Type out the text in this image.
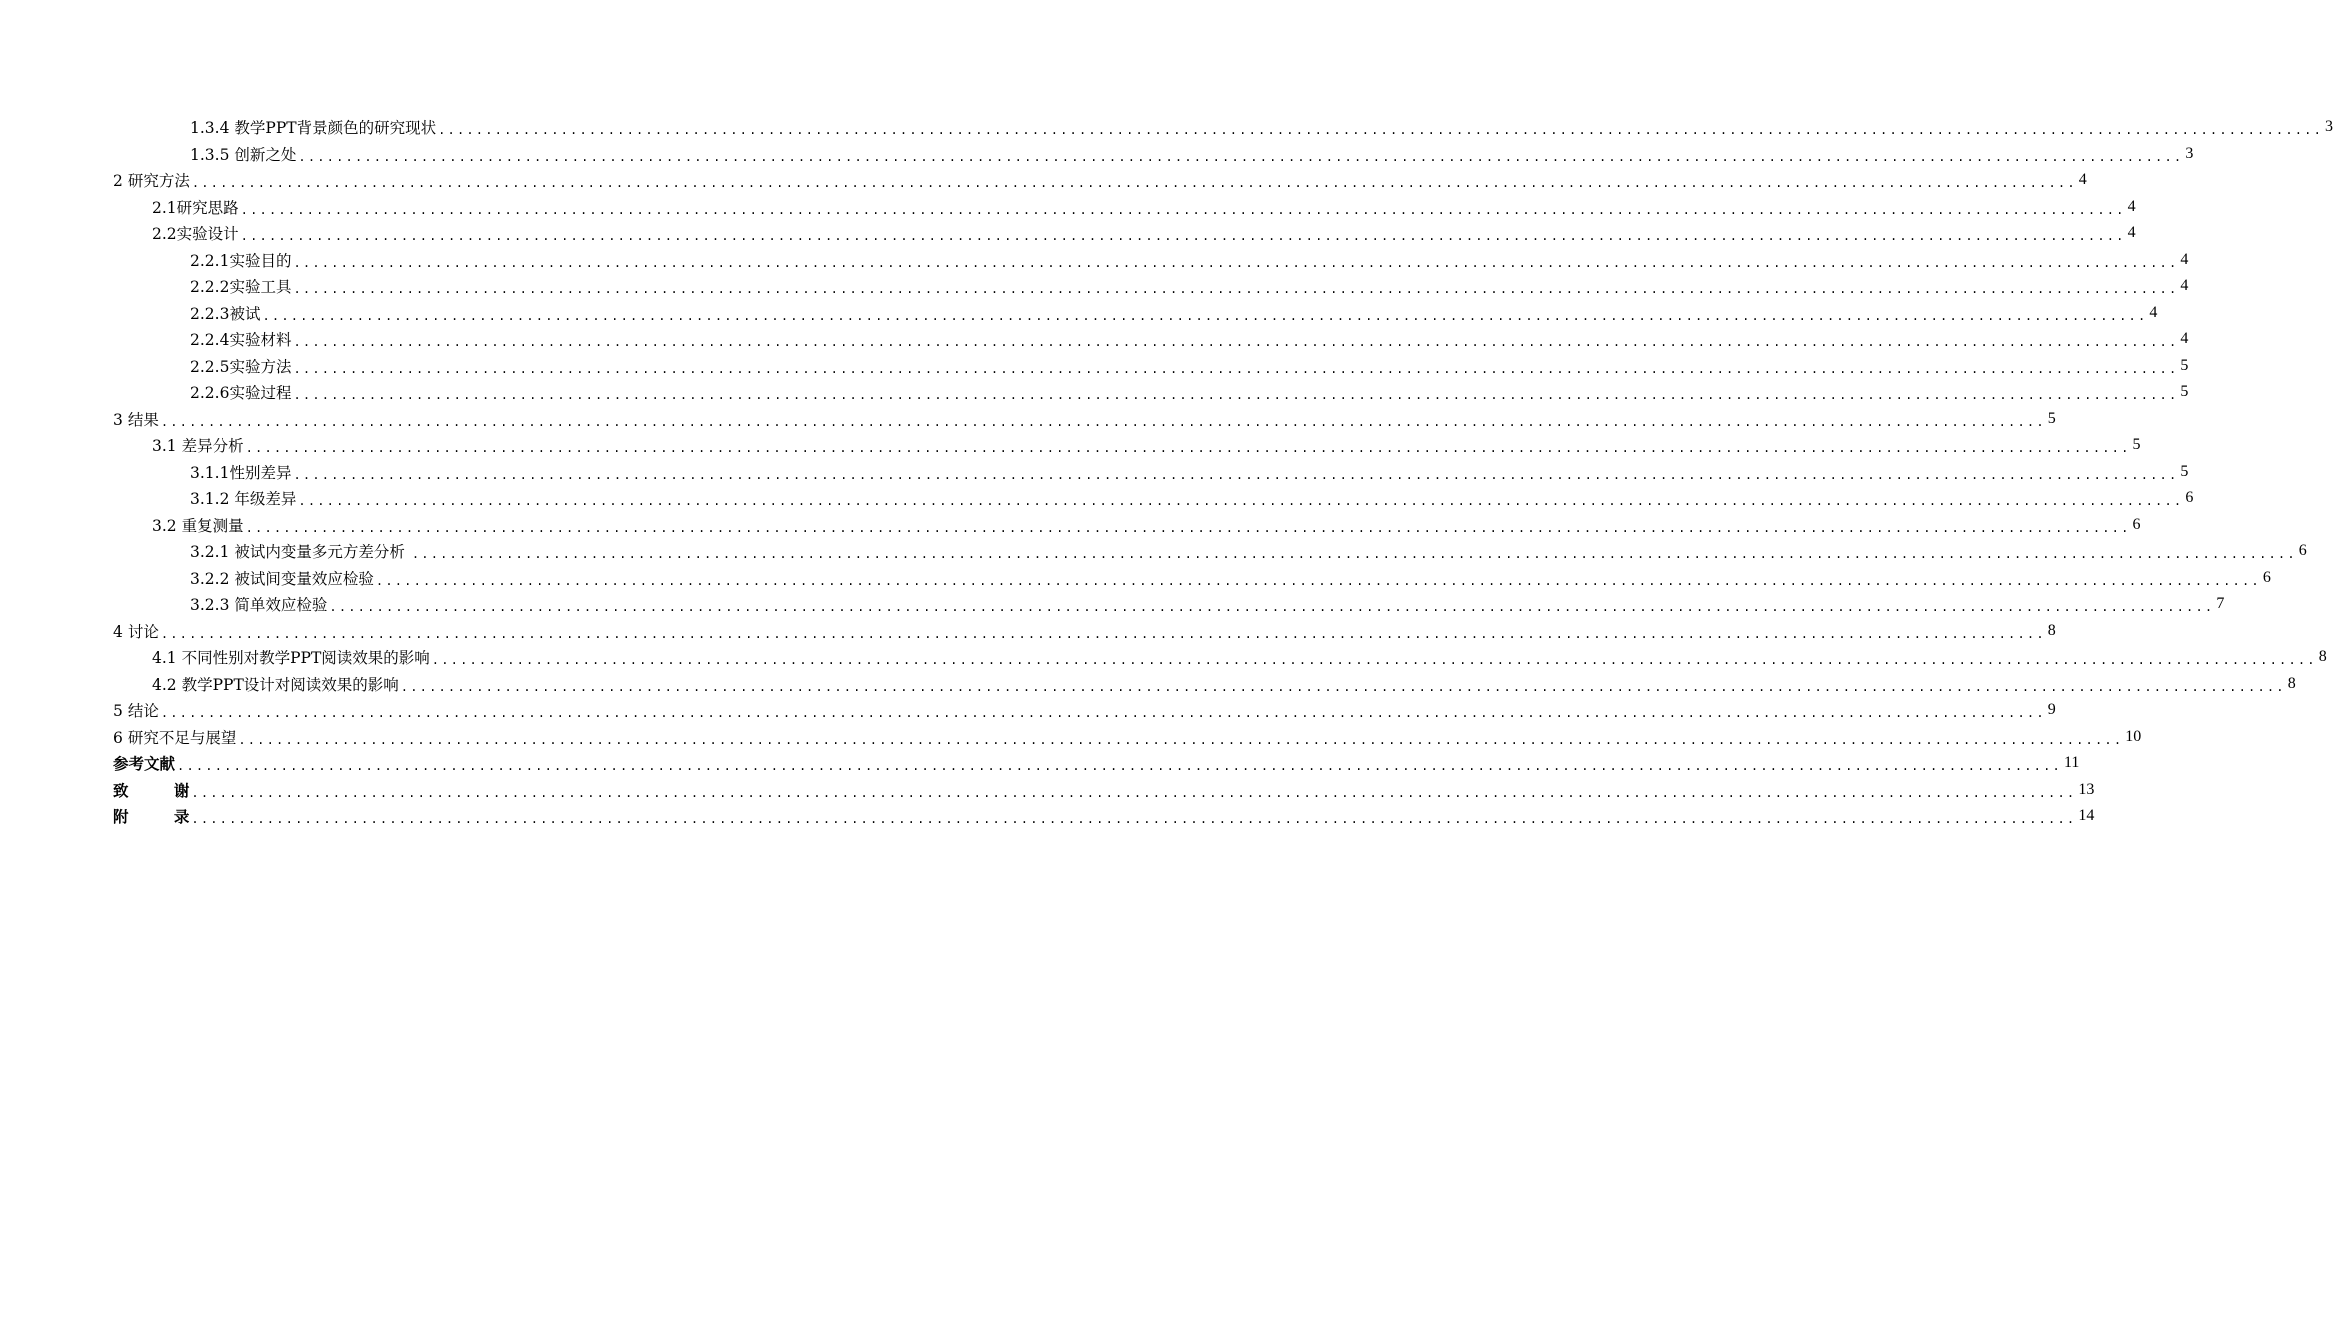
1.3.4 教学PPT背景颜色的研究现状 ........................................................................................................................................................................................................ 3
1.3.5 创新之处 ........................................................................................................................................................................................................ 3
2 研究方法 ........................................................................................................................................................................................................ 4
2.1研究思路 ........................................................................................................................................................................................................ 4
2.2实验设计 ........................................................................................................................................................................................................ 4
2.2.1实验目的 ........................................................................................................................................................................................................ 4
2.2.2实验工具 ........................................................................................................................................................................................................ 4
2.2.3被试 ........................................................................................................................................................................................................ 4
2.2.4实验材料 ........................................................................................................................................................................................................ 4
2.2.5实验方法 ........................................................................................................................................................................................................ 5
2.2.6实验过程 ........................................................................................................................................................................................................ 5
3 结果 ........................................................................................................................................................................................................ 5
3.1 差异分析 ........................................................................................................................................................................................................ 5
3.1.1性别差异 ........................................................................................................................................................................................................ 5
3.1.2 年级差异 ........................................................................................................................................................................................................ 6
3.2 重复测量 ........................................................................................................................................................................................................ 6
3.2.1 被试内变量多元方差分析 ........................................................................................................................................................................................................ 6
3.2.2 被试间变量效应检验 ........................................................................................................................................................................................................ 6
3.2.3 简单效应检验 ........................................................................................................................................................................................................ 7
4 讨论 ........................................................................................................................................................................................................ 8
4.1 不同性别对教学PPT阅读效果的影响 ........................................................................................................................................................................................................ 8
4.2 教学PPT设计对阅读效果的影响 ........................................................................................................................................................................................................ 8
5 结论 ........................................................................................................................................................................................................ 9
6 研究不足与展望 ........................................................................................................................................................................................................ 10
参考文献 ........................................................................................................................................................................................................ 11
致 谢 ........................................................................................................................................................................................................ 13
附 录 ........................................................................................................................................................................................................ 14
